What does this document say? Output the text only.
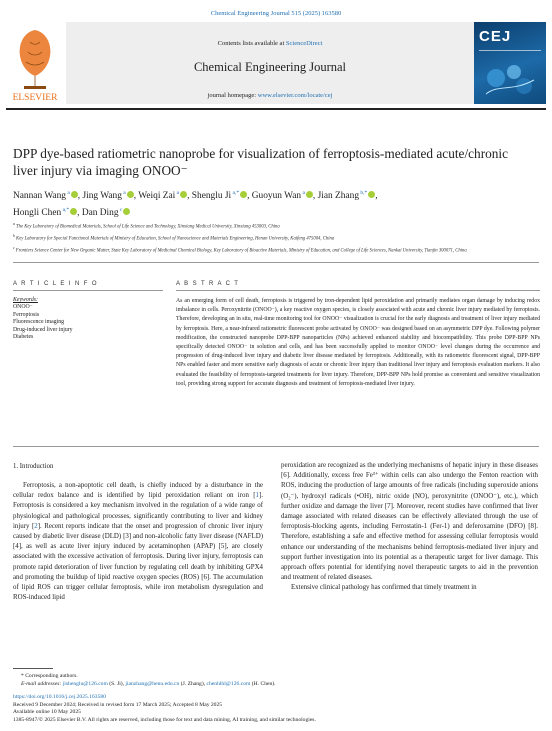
Chemical Engineering Journal 515 (2025) 163580
ELSEVIER
Contents lists available at ScienceDirect
Chemical Engineering Journal
journal homepage: www.elsevier.com/locate/cej
CEJ
DPP dye-based ratiometric nanoprobe for visualization of ferroptosis-mediated acute/chronic liver injury via imaging ONOO⁻
Nannan Wang $^a$ , Jing Wang $^a$ , Weiqi Zai $^a$ , Shenglu Ji $^{a,*}$ , Guoyun Wan $^a$ , Jian Zhang $^{b,*}$ ,
Hongli Chen $^{a,*}$ , Dan Ding $^c$
$^a$ The Key Laboratory of Biomedical Materials, School of Life Science and Technology, Xinxiang Medical University, Xinxiang 453003, China
$^b$ Key Laboratory for Special Functional Materials of Ministry of Education, School of Nanoscience and Materials Engineering, Henan University, Kaifeng 475004, China
$^c$ Frontiers Science Center for New Organic Matter, State Key Laboratory of Medicinal Chemical Biology, Key Laboratory of Bioactive Materials, Ministry of Education, and College of Life Sciences, Nankai University, Tianjin 300071, China
A R T I C L E I N F O	A B S T R A C T
Keywords:
ONOO⁻
Ferroptosis
Fluorescence imaging
Drug-induced liver injury
Diabetes
As an emerging form of cell death, ferroptosis is triggered by iron-dependent lipid peroxidation and primarily mediates organ damage by inducing redox imbalance in cells. Peroxynitrite (ONOO⁻), a key reactive oxygen species, is closely associated with acute and chronic liver injury mediated by ferroptosis. Therefore, developing an in situ, real-time monitoring tool for ONOO⁻ visualization is crucial for the early diagnosis and treatment of liver injury mediated by ferroptosis. Here, a near-infrared ratiometric fluorescent probe activated by ONOO⁻ was designed based on an asymmetric DPP dye. Following polymer modification, the constructed nanoprobe DPP-BPP nanoparticles (NPs) achieved enhanced stability and biocompatibility. This probe DPP-BPP NPs specifically detected ONOO⁻ in solution and cells, and has been successfully applied to monitor ONOO⁻ level changes during the occurrence and progression of drug-induced liver injury and diabetic liver disease mediated by ferroptosis. Additionally, with its ratiometric fluorescent signal, DPP-BPP NPs enabled faster and more sensitive early diagnosis of acute or chronic liver injury than traditional liver injury and ferroptosis evaluation markers. It also evaluated the feasibility of ferroptosis-targeted treatments for liver injury. Therefore, DPP-BPP NPs hold promise as convenient and sensitive visualization tool, providing strong support for accurate diagnosis and treatment of ferroptosis-mediated liver injury.
1. Introduction

Ferroptosis, a non-apoptotic cell death, is chiefly induced by a disturbance in the cellular redox balance and is identified by lipid peroxidation reliant on iron [1]. Ferroptosis is considered a key mechanism involved in the regulation of a wide range of physiological and pathological processes, significantly contributing to liver and kidney injury [2]. Recent reports indicate that the onset and progression of chronic liver injury caused by diabetic liver disease (DLD) [3] and non-alcoholic fatty liver disease (NAFLD) [4], as well as acute liver injury induced by acetaminophen (APAP) [5], are closely associated with the excessive activation of ferroptosis. During liver injury, ferroptosis can promote rapid deterioration of liver function by regulating cell death by inhibiting GPX4 and promoting the buildup of lipid reactive oxygen species (ROS) [6]. The accumulation of lipid ROS can trigger cellular ferroptosis, while iron metabolism dysregulation and ROS-induced lipid

peroxidation are recognized as the underlying mechanisms of hepatic injury in these diseases [6]. Additionally, excess free Fe³⁺ within cells can also undergo the Fenton reaction with ROS, inducing the production of large amounts of free radicals (including superoxide anions (O₂⁻), hydroxyl radicals (•OH), nitric oxide (NO), peroxynitrite (ONOO⁻), etc.), which further oxidize and damage the liver [7]. Moreover, recent studies have confirmed that liver damage associated with related diseases can be effectively alleviated through the use of ferroptosis-blocking agents, including Ferrostatin-1 (Fer-1) and deferoxamine (DFO) [8]. Therefore, establishing a safe and effective method for assessing cellular ferroptosis would enhance our understanding of the mechanisms behind ferroptosis-mediated liver injury and support further investigation into its potential as a therapeutic target for liver damage. This approach offers potential for identifying novel therapeutic targets to aid in the prevention and treatment of related diseases.

Extensive clinical pathology has confirmed that timely treatment in

* Corresponding authors.
E-mail addresses: jishenglu@126.com (S. Ji), jianzhang@henu.edu.cn (J. Zhang), chenhlhl@126.com (H. Chen).
https://doi.org/10.1016/j.cej.2025.163580
Received 9 December 2024; Received in revised form 17 March 2025; Accepted 8 May 2025
Available online 10 May 2025
1385-8947/© 2025 Elsevier B.V. All rights are reserved, including those for text and data mining, AI training, and similar technologies.
